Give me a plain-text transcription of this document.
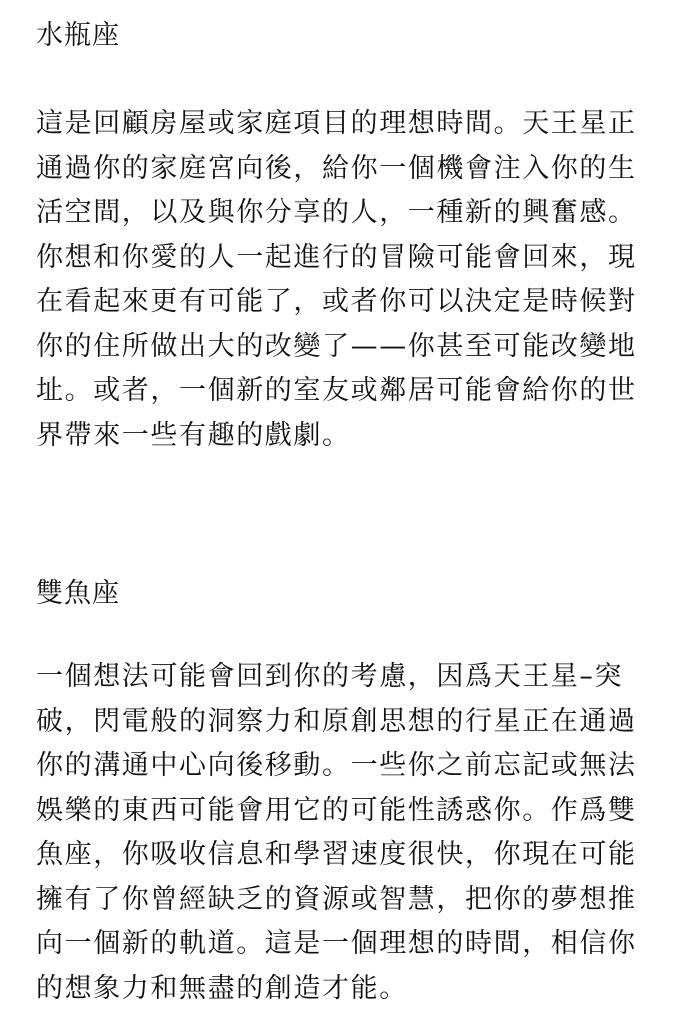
水瓶座

這是回顧房屋或家庭項目的理想時間。天王星正

通過你的家庭宮向後，給你一個機會注入你的生

活空間，以及與你分享的人，一種新的興奮感。

你想和你愛的人一起進行的冒險可能會回來，現

在看起來更有可能了，或者你可以決定是時候對

你的住所做出大的改變了——你甚至可能改變地

址。或者，一個新的室友或鄰居可能會給你的世

界帶來一些有趣的戲劇。

雙魚座

一個想法可能會回到你的考慮，因爲天王星–突

破，閃電般的洞察力和原創思想的行星正在通過

你的溝通中心向後移動。一些你之前忘記或無法

娛樂的東西可能會用它的可能性誘惑你。作爲雙

魚座，你吸收信息和學習速度很快，你現在可能

擁有了你曾經缺乏的資源或智慧，把你的夢想推

向一個新的軌道。這是一個理想的時間，相信你

的想象力和無盡的創造才能。
